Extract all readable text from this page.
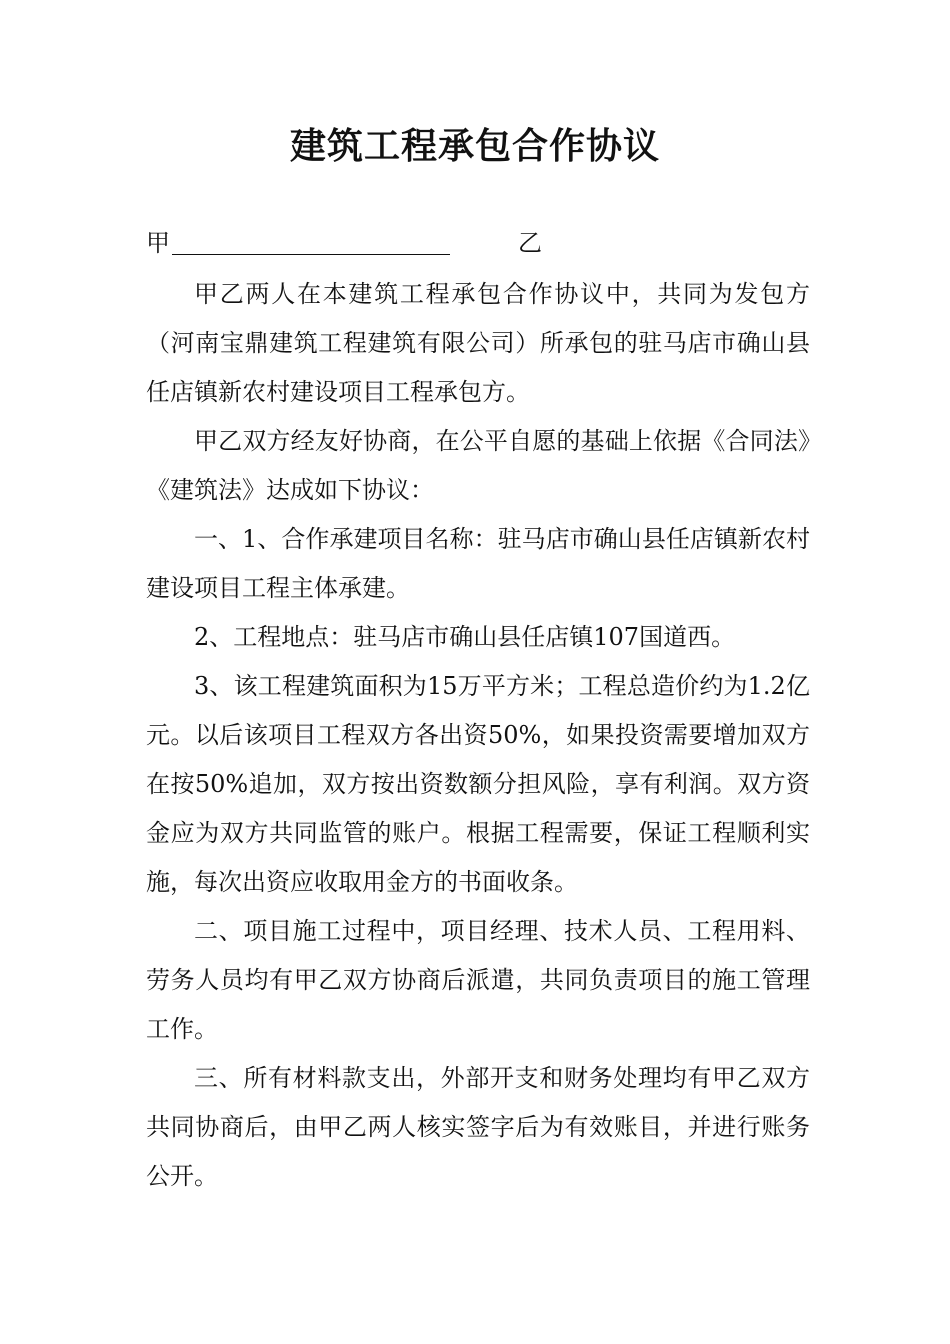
建筑工程承包合作协议
甲	乙

甲乙两人在本建筑工程承包合作协议中，共同为发包方（河南宝鼎建筑工程建筑有限公司）所承包的驻马店市确山县任店镇新农村建设项目工程承包方。

甲乙双方经友好协商，在公平自愿的基础上依据《合同法》《建筑法》达成如下协议：

一、1、合作承建项目名称：驻马店市确山县任店镇新农村建设项目工程主体承建。

2、工程地点：驻马店市确山县任店镇107国道西。

3、该工程建筑面积为15万平方米；工程总造价约为1.2亿元。以后该项目工程双方各出资50%，如果投资需要增加双方在按50%追加，双方按出资数额分担风险，享有利润。双方资金应为双方共同监管的账户。根据工程需要，保证工程顺利实施，每次出资应收取用金方的书面收条。

二、项目施工过程中，项目经理、技术人员、工程用料、劳务人员均有甲乙双方协商后派遣，共同负责项目的施工管理工作。

三、所有材料款支出，外部开支和财务处理均有甲乙双方共同协商后，由甲乙两人核实签字后为有效账目，并进行账务公开。
